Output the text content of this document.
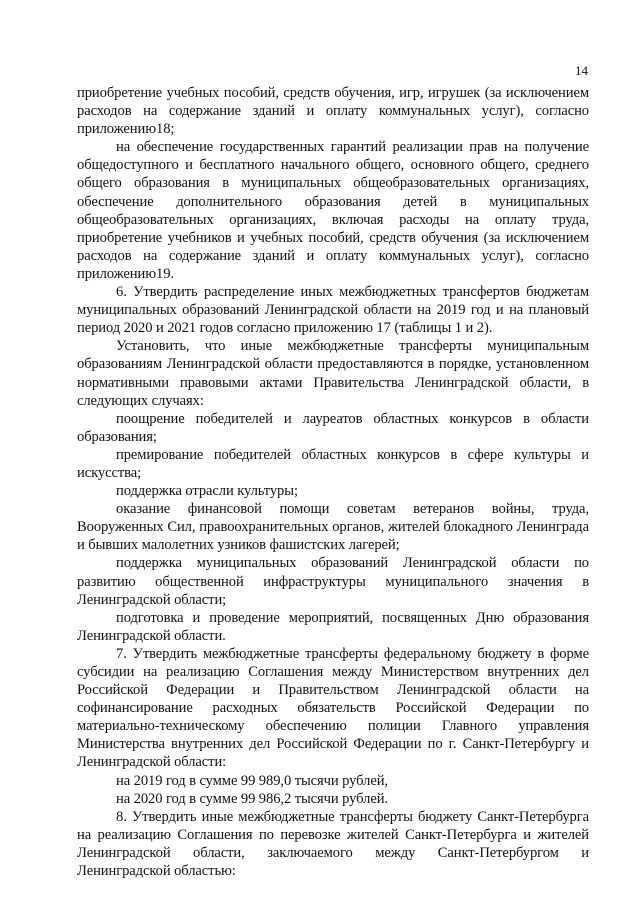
14

приобретение учебных пособий, средств обучения, игр, игрушек (за исключением расходов на содержание зданий и оплату коммунальных услуг), согласно приложению18;

на обеспечение государственных гарантий реализации прав на получение общедоступного и бесплатного начального общего, основного общего, среднего общего образования в муниципальных общеобразовательных организациях, обеспечение дополнительного образования детей в муниципальных общеобразовательных организациях, включая расходы на оплату труда, приобретение учебников и учебных пособий, средств обучения (за исключением расходов на содержание зданий и оплату коммунальных услуг), согласно приложению19.

6. Утвердить распределение иных межбюджетных трансфертов бюджетам муниципальных образований Ленинградской области на 2019 год и на плановый период 2020 и 2021 годов согласно приложению 17 (таблицы 1 и 2).

Установить, что иные межбюджетные трансферты муниципальным образованиям Ленинградской области предоставляются в порядке, установленном нормативными правовыми актами Правительства Ленинградской области, в следующих случаях:

поощрение победителей и лауреатов областных конкурсов в области образования;

премирование победителей областных конкурсов в сфере культуры и искусства;

поддержка отрасли культуры;

оказание финансовой помощи советам ветеранов войны, труда, Вооруженных Сил, правоохранительных органов, жителей блокадного Ленинграда и бывших малолетних узников фашистских лагерей;

поддержка муниципальных образований Ленинградской области по развитию общественной инфраструктуры муниципального значения в Ленинградской области;

подготовка и проведение мероприятий, посвященных Дню образования Ленинградской области.

7. Утвердить межбюджетные трансферты федеральному бюджету в форме субсидии на реализацию Соглашения между Министерством внутренних дел Российской Федерации и Правительством Ленинградской области на софинансирование расходных обязательств Российской Федерации по материально-техническому обеспечению полиции Главного управления Министерства внутренних дел Российской Федерации по г. Санкт-Петербургу и Ленинградской области:

на 2019 год в сумме 99 989,0 тысячи рублей,

на 2020 год в сумме 99 986,2 тысячи рублей.

8. Утвердить иные межбюджетные трансферты бюджету Санкт-Петербурга на реализацию Соглашения по перевозке жителей Санкт-Петербурга и жителей Ленинградской области, заключаемого между Санкт-Петербургом и Ленинградской областью:
